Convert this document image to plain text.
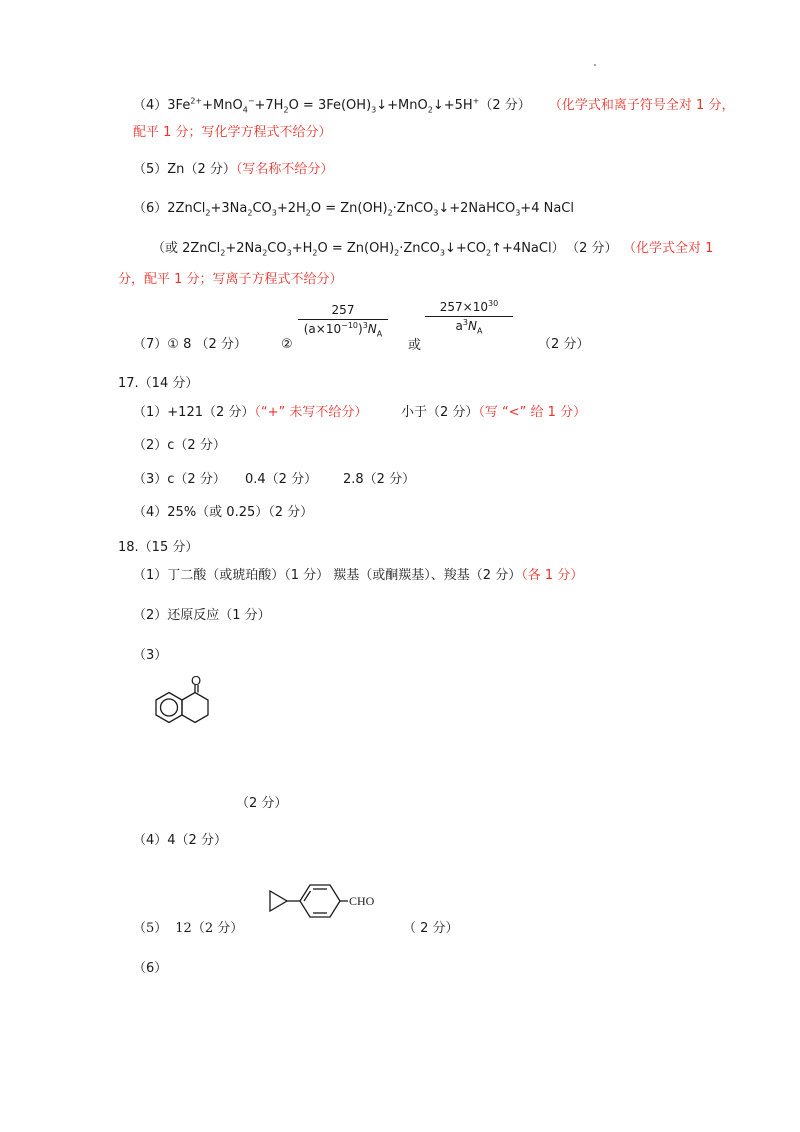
$(4)3Fe^{2+}+MnO_4^-+7H_2O$ = $3Fe(OH)_3↓+MnO_2↓+5H^+(2$ 分） （化学式和离子符号全对 1 分，
配平 1 分；写化学方程式不给分）
（5）Zn（2 分）（写名称不给分）
$(6)2ZnCl_2+3Na_2CO_3+2H_2O$ = $Zn(OH)_2\cdot ZnCO_3↓+2NaHCO_3+4$ NaCl
（或 $2ZnCl_2+2Na_2CO_3+H_2O$ = $Zn(OH)_2\cdot ZnCO_3↓+CO_2↑+4NaCl$） （2 分） （化学式全对 1
分，配平 1 分；写离子方程式不给分）
（7）① 8 （2 分）	②
257
$(a\times 10^{-10})^3N_A$
或
$257\times 10^{30}$
$a^3N_A$
（2 分）
17.（14 分）
（1）+121（2 分）（“+” 未写不给分）	小于（2 分）（写 “<” 给 1 分）
（2）c（2 分）
（3）c（2 分） 0.4（2 分） 2.8（2 分）
（4）25%（或 0.25）（2 分）
18.（15 分）
（1）丁二酸（或琥珀酸）（1 分） 羰基（或酮羰基）、羧基（2 分）（各 1 分）
（2）还原反应（1 分）
（3）
O
（2 分）
（4）4（2 分）
（5） 12（2 分）
CHO
（ 2 分）
（6）
